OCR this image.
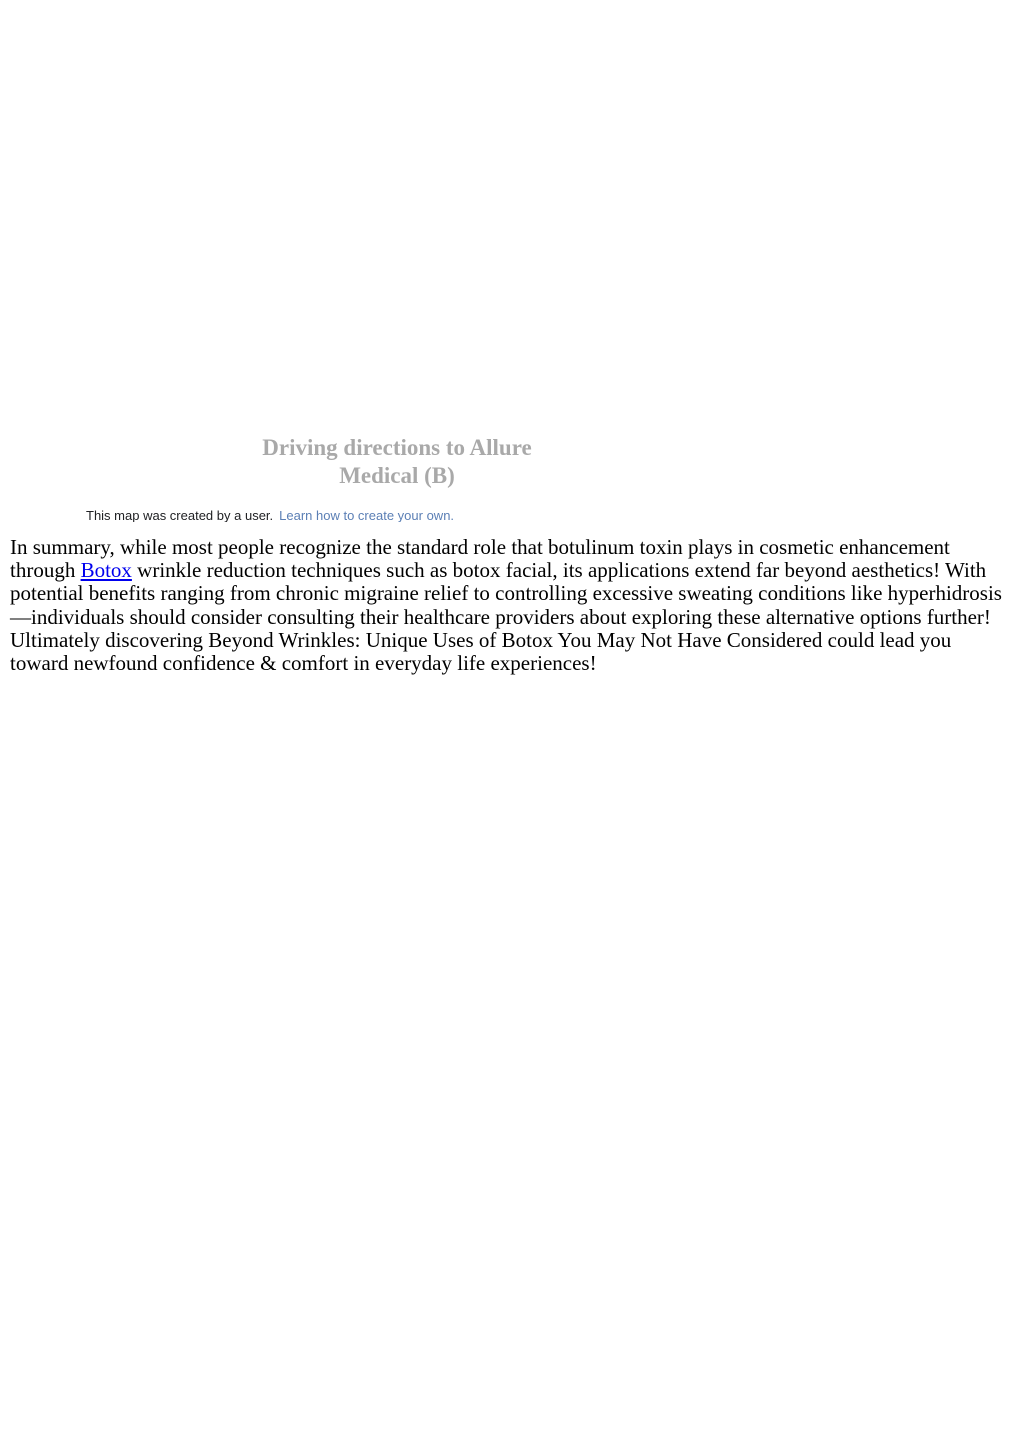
Driving directions to Allure Medical (B)
This map was created by a user. Learn how to create your own.

In summary, while most people recognize the standard role that botulinum toxin plays in cosmetic enhancement through Botox wrinkle reduction techniques such as botox facial, its applications extend far beyond aesthetics! With potential benefits ranging from chronic migraine relief to controlling excessive sweating conditions like hyperhidrosis—individuals should consider consulting their healthcare providers about exploring these alternative options further! Ultimately discovering Beyond Wrinkles: Unique Uses of Botox You May Not Have Considered could lead you toward newfound confidence & comfort in everyday life experiences!
